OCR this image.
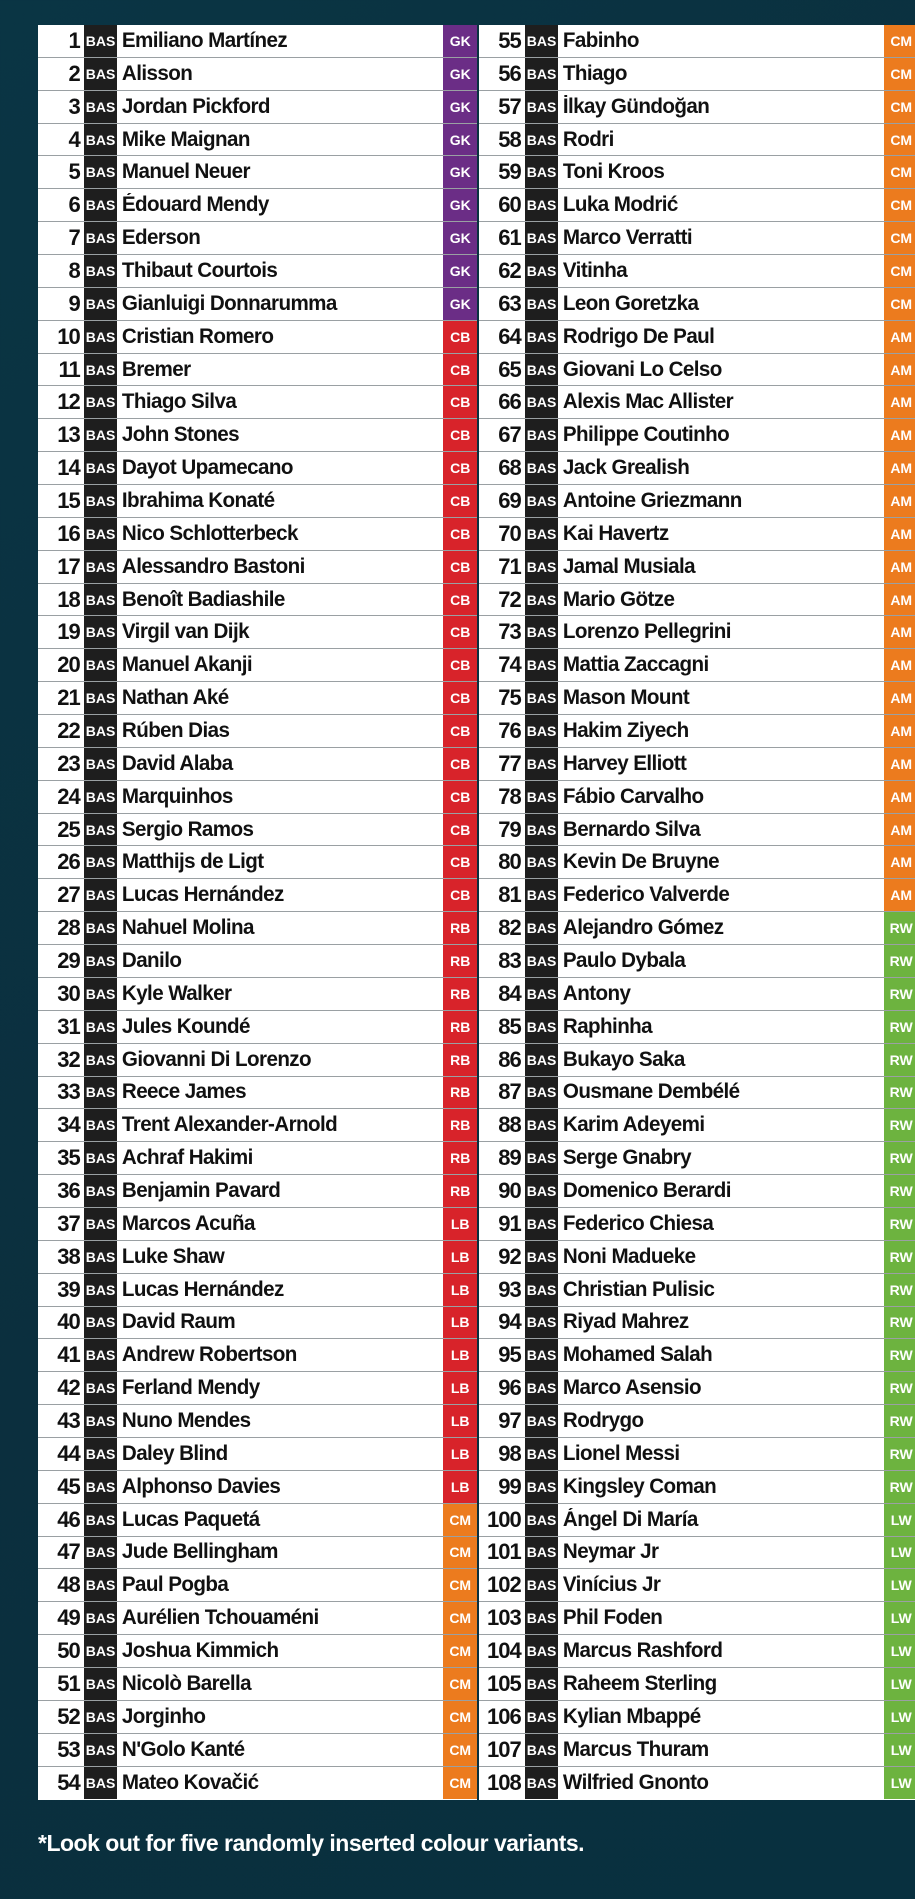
1 BAS Emiliano Martínez	GK
2 BAS Alisson	GK
3 BAS Jordan Pickford	GK
4 BAS Mike Maignan	GK
5 BAS Manuel Neuer	GK
6 BAS Édouard Mendy	GK
7 BAS Ederson	GK
8 BAS Thibaut Courtois	GK
9 BAS Gianluigi Donnarumma	GK
10 BAS Cristian Romero	CB
11 BAS Bremer	CB
12 BAS Thiago Silva	CB
13 BAS John Stones	CB
14 BAS Dayot Upamecano	CB
15 BAS Ibrahima Konaté	CB
16 BAS Nico Schlotterbeck	CB
17 BAS Alessandro Bastoni	CB
18 BAS Benoît Badiashile	CB
19 BAS Virgil van Dijk	CB
20 BAS Manuel Akanji	CB
21 BAS Nathan Aké	CB
22 BAS Rúben Dias	CB
23 BAS David Alaba	CB
24 BAS Marquinhos	CB
25 BAS Sergio Ramos	CB
26 BAS Matthijs de Ligt	CB
27 BAS Lucas Hernández	CB
28 BAS Nahuel Molina	RB
29 BAS Danilo	RB
30 BAS Kyle Walker	RB
31 BAS Jules Koundé	RB
32 BAS Giovanni Di Lorenzo	RB
33 BAS Reece James	RB
34 BAS Trent Alexander-Arnold	RB
35 BAS Achraf Hakimi	RB
36 BAS Benjamin Pavard	RB
37 BAS Marcos Acuña	LB
38 BAS Luke Shaw	LB
39 BAS Lucas Hernández	LB
40 BAS David Raum	LB
41 BAS Andrew Robertson	LB
42 BAS Ferland Mendy	LB
43 BAS Nuno Mendes	LB
44 BAS Daley Blind	LB
45 BAS Alphonso Davies	LB
46 BAS Lucas Paquetá	CM
47 BAS Jude Bellingham	CM
48 BAS Paul Pogba	CM
49 BAS Aurélien Tchouaméni	CM
50 BAS Joshua Kimmich	CM
51 BAS Nicolò Barella	CM
52 BAS Jorginho	CM
53 BAS N'Golo Kanté	CM
54 BAS Mateo Kovačić	CM
55 BAS Fabinho	CM
56 BAS Thiago	CM
57 BAS İlkay Gündoğan	CM
58 BAS Rodri	CM
59 BAS Toni Kroos	CM
60 BAS Luka Modrić	CM
61 BAS Marco Verratti	CM
62 BAS Vitinha	CM
63 BAS Leon Goretzka	CM
64 BAS Rodrigo De Paul	AM
65 BAS Giovani Lo Celso	AM
66 BAS Alexis Mac Allister	AM
67 BAS Philippe Coutinho	AM
68 BAS Jack Grealish	AM
69 BAS Antoine Griezmann	AM
70 BAS Kai Havertz	AM
71 BAS Jamal Musiala	AM
72 BAS Mario Götze	AM
73 BAS Lorenzo Pellegrini	AM
74 BAS Mattia Zaccagni	AM
75 BAS Mason Mount	AM
76 BAS Hakim Ziyech	AM
77 BAS Harvey Elliott	AM
78 BAS Fábio Carvalho	AM
79 BAS Bernardo Silva	AM
80 BAS Kevin De Bruyne	AM
81 BAS Federico Valverde	AM
82 BAS Alejandro Gómez	RW
83 BAS Paulo Dybala	RW
84 BAS Antony	RW
85 BAS Raphinha	RW
86 BAS Bukayo Saka	RW
87 BAS Ousmane Dembélé	RW
88 BAS Karim Adeyemi	RW
89 BAS Serge Gnabry	RW
90 BAS Domenico Berardi	RW
91 BAS Federico Chiesa	RW
92 BAS Noni Madueke	RW
93 BAS Christian Pulisic	RW
94 BAS Riyad Mahrez	RW
95 BAS Mohamed Salah	RW
96 BAS Marco Asensio	RW
97 BAS Rodrygo	RW
98 BAS Lionel Messi	RW
99 BAS Kingsley Coman	RW
100 BAS Ángel Di María	LW
101 BAS Neymar Jr	LW
102 BAS Vinícius Jr	LW
103 BAS Phil Foden	LW
104 BAS Marcus Rashford	LW
105 BAS Raheem Sterling	LW
106 BAS Kylian Mbappé	LW
107 BAS Marcus Thuram	LW
108 BAS Wilfried Gnonto	LW
*Look out for five randomly inserted colour variants.
